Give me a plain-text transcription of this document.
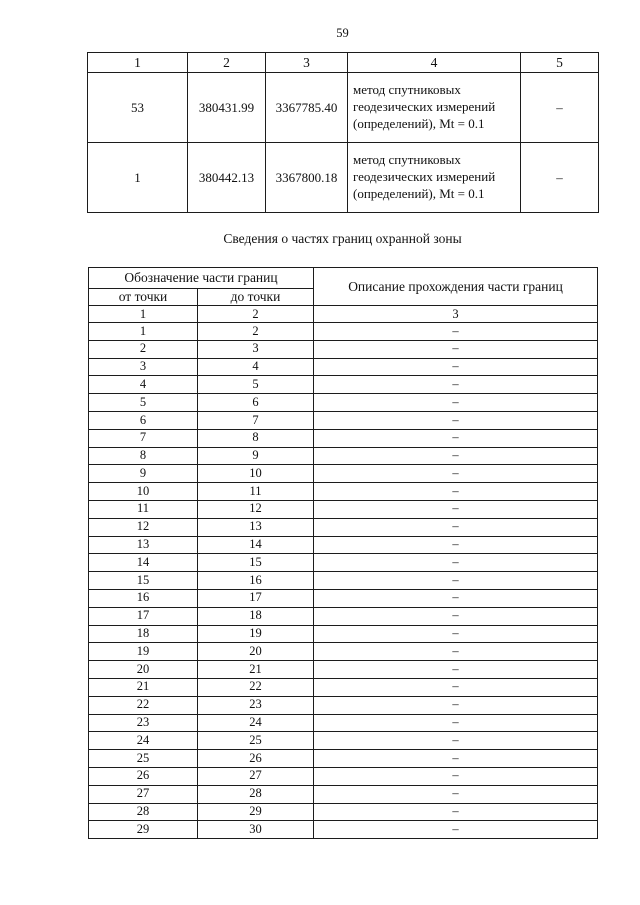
59
1	2	3	4	5
53	380431.99	3367785.40	метод спутниковых геодезических измерений (определений), Mt = 0.1	–
1	380442.13	3367800.18	метод спутниковых геодезических измерений (определений), Mt = 0.1	–
Сведения о частях границ охранной зоны
Обозначение части границ		Описание прохождения части границ
от точки	до точки	
1	2	3
1	2	–
2	3	–
3	4	–
4	5	–
5	6	–
6	7	–
7	8	–
8	9	–
9	10	–
10	11	–
11	12	–
12	13	–
13	14	–
14	15	–
15	16	–
16	17	–
17	18	–
18	19	–
19	20	–
20	21	–
21	22	–
22	23	–
23	24	–
24	25	–
25	26	–
26	27	–
27	28	–
28	29	–
29	30	–
